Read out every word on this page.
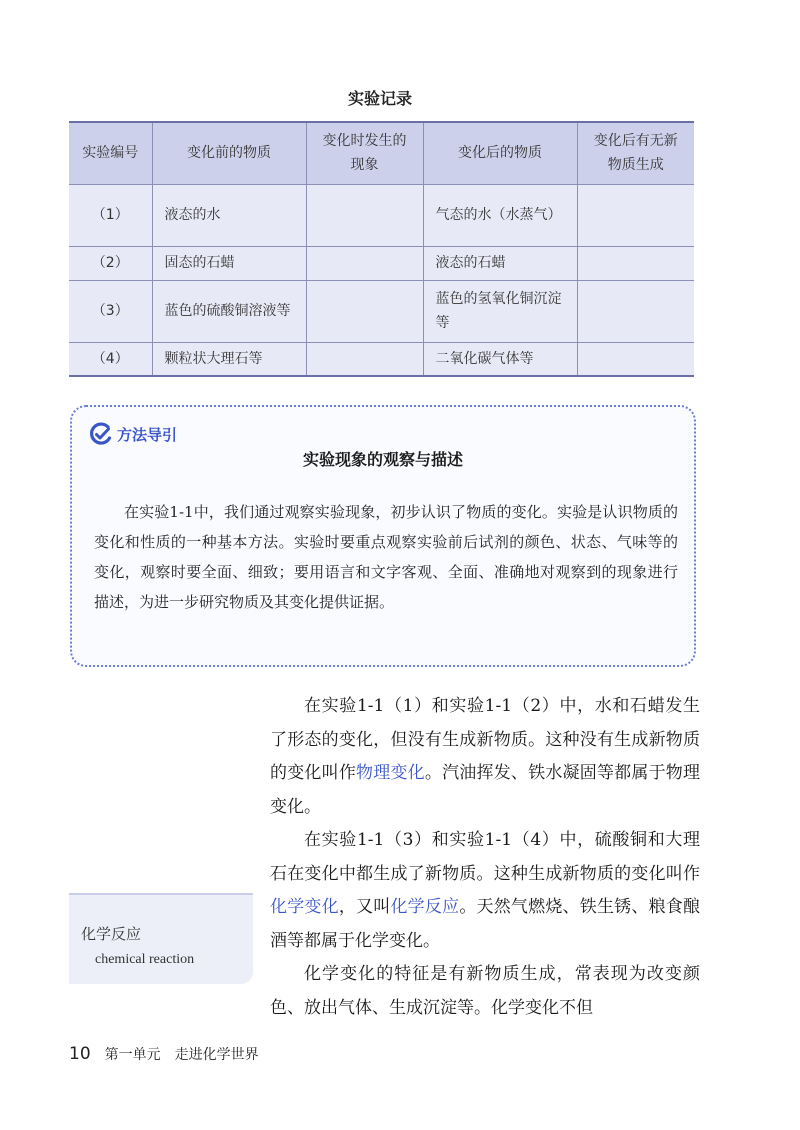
实验记录
实验编号	变化前的物质	变化时发生的现象	变化后的物质	变化后有无新物质生成
（1）	液态的水		气态的水（水蒸气）	
（2）	固态的石蜡		液态的石蜡	
（3）	蓝色的硫酸铜溶液等		蓝色的氢氧化铜沉淀等	
（4）	颗粒状大理石等		二氧化碳气体等	
方法导引
实验现象的观察与描述

在实验1-1中，我们通过观察实验现象，初步认识了物质的变化。实验是认识物质的变化和性质的一种基本方法。实验时要重点观察实验前后试剂的颜色、状态、气味等的变化，观察时要全面、细致；要用语言和文字客观、全面、准确地对观察到的现象进行描述，为进一步研究物质及其变化提供证据。

在实验1-1（1）和实验1-1（2）中，水和石蜡发生了形态的变化，但没有生成新物质。这种没有生成新物质的变化叫作物理变化。汽油挥发、铁水凝固等都属于物理变化。

在实验1-1（3）和实验1-1（4）中，硫酸铜和大理石在变化中都生成了新物质。这种生成新物质的变化叫作化学变化，又叫化学反应。天然气燃烧、铁生锈、粮食酿酒等都属于化学变化。

化学变化的特征是有新物质生成，常表现为改变颜色、放出气体、生成沉淀等。化学变化不但

化学反应
chemical reaction
10 第一单元 走进化学世界
